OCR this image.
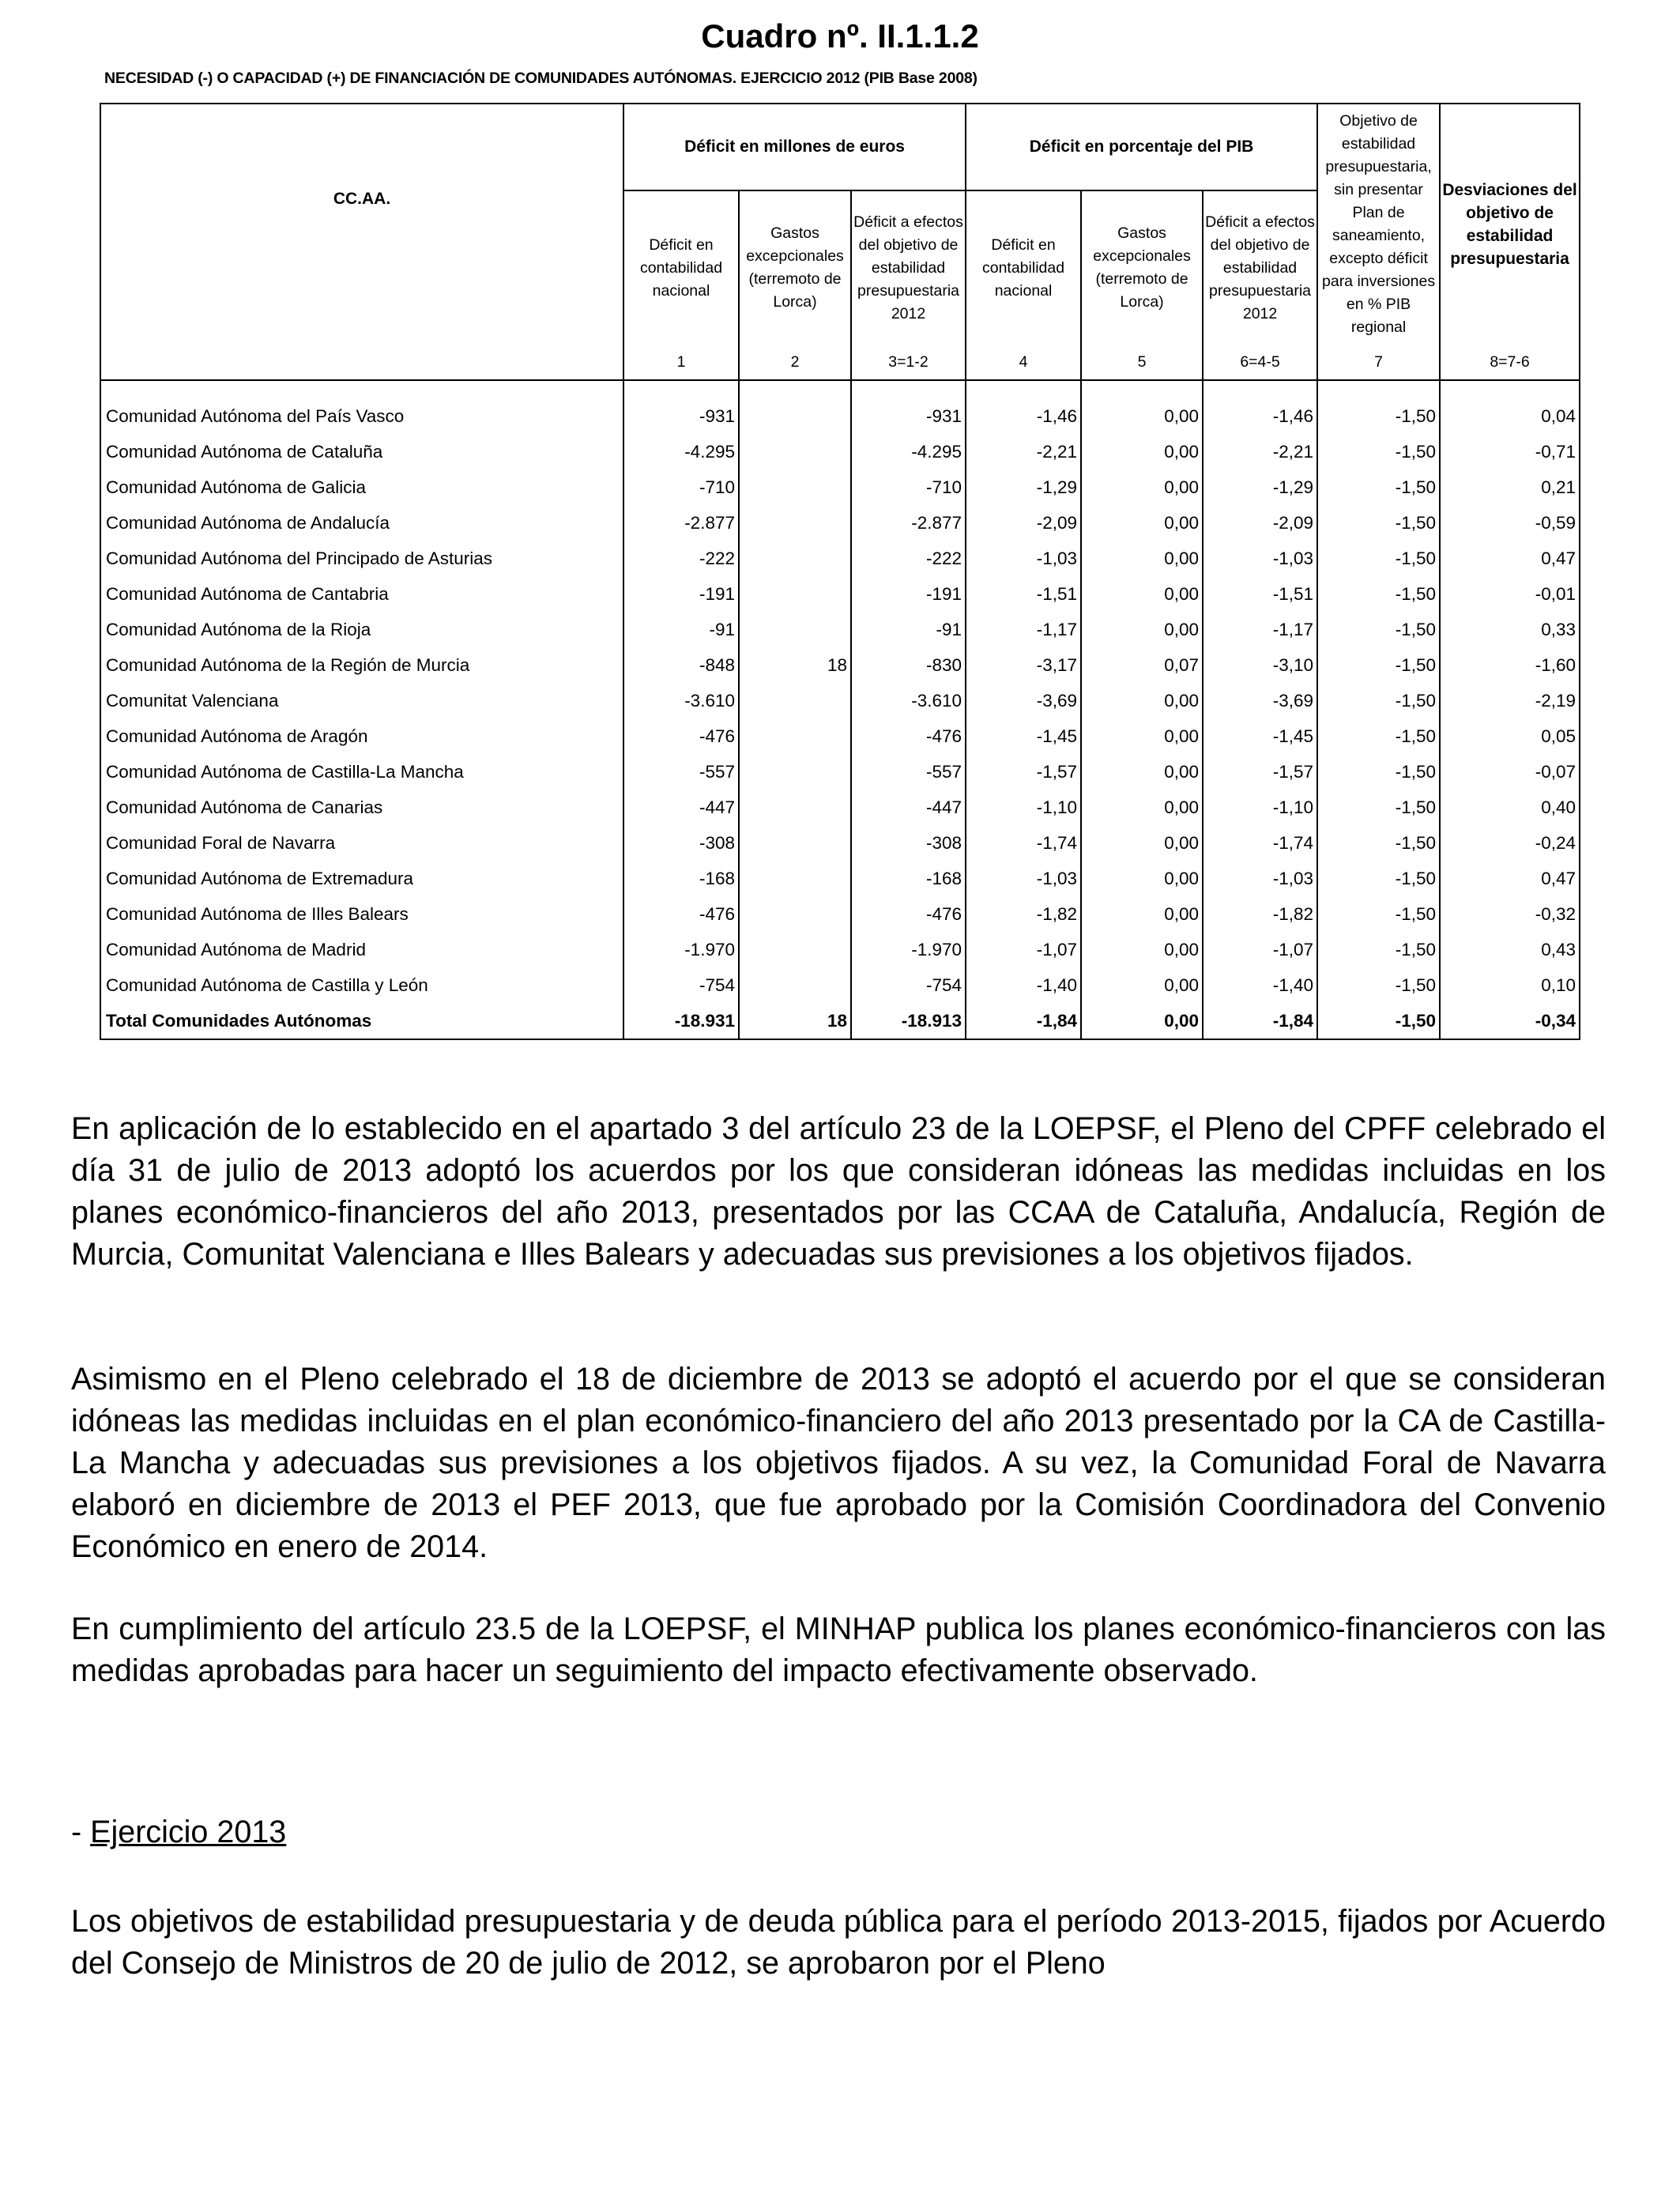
Cuadro nº. II.1.1.2
NECESIDAD (-) O CAPACIDAD (+) DE FINANCIACIÓN DE COMUNIDADES AUTÓNOMAS. EJERCICIO 2012 (PIB Base 2008)
CC.AA.	Déficit en millones de euros			Déficit en porcentaje del PIB			Objetivo de estabilidad presupuestaria, sin presentar Plan de saneamiento, excepto déficit para inversiones en % PIB regional	Desviaciones del objetivo de estabilidad presupuestaria
	Déficit en contabilidad nacional	Gastos excepcionales (terremoto de Lorca)	Déficit a efectos del objetivo de estabilidad presupuestaria 2012	Déficit en contabilidad nacional	Gastos excepcionales (terremoto de Lorca)	Déficit a efectos del objetivo de estabilidad presupuestaria 2012		
	1	2	3=1-2	4	5	6=4-5	7	8=7-6

Comunidad Autónoma del País Vasco	-931		-931	-1,46	0,00	-1,46	-1,50	0,04
Comunidad Autónoma de Cataluña	-4.295		-4.295	-2,21	0,00	-2,21	-1,50	-0,71
Comunidad Autónoma de Galicia	-710		-710	-1,29	0,00	-1,29	-1,50	0,21
Comunidad Autónoma de Andalucía	-2.877		-2.877	-2,09	0,00	-2,09	-1,50	-0,59
Comunidad Autónoma del Principado de Asturias	-222		-222	-1,03	0,00	-1,03	-1,50	0,47
Comunidad Autónoma de Cantabria	-191		-191	-1,51	0,00	-1,51	-1,50	-0,01
Comunidad Autónoma de la Rioja	-91		-91	-1,17	0,00	-1,17	-1,50	0,33
Comunidad Autónoma de la Región de Murcia	-848	18	-830	-3,17	0,07	-3,10	-1,50	-1,60
Comunitat Valenciana	-3.610		-3.610	-3,69	0,00	-3,69	-1,50	-2,19
Comunidad Autónoma de Aragón	-476		-476	-1,45	0,00	-1,45	-1,50	0,05
Comunidad Autónoma de Castilla-La Mancha	-557		-557	-1,57	0,00	-1,57	-1,50	-0,07
Comunidad Autónoma de Canarias	-447		-447	-1,10	0,00	-1,10	-1,50	0,40
Comunidad Foral de Navarra	-308		-308	-1,74	0,00	-1,74	-1,50	-0,24
Comunidad Autónoma de Extremadura	-168		-168	-1,03	0,00	-1,03	-1,50	0,47
Comunidad Autónoma de Illes Balears	-476		-476	-1,82	0,00	-1,82	-1,50	-0,32
Comunidad Autónoma de Madrid	-1.970		-1.970	-1,07	0,00	-1,07	-1,50	0,43
Comunidad Autónoma de Castilla y León	-754		-754	-1,40	0,00	-1,40	-1,50	0,10
Total Comunidades Autónomas	-18.931	18	-18.913	-1,84	0,00	-1,84	-1,50	-0,34
En aplicación de lo establecido en el apartado 3 del artículo 23 de la LOEPSF, el Pleno del CPFF celebrado el día 31 de julio de 2013 adoptó los acuerdos por los que consideran idóneas las medidas incluidas en los planes económico-financieros del año 2013, presentados por las CCAA de Cataluña, Andalucía, Región de Murcia, Comunitat Valenciana e Illes Balears y adecuadas sus previsiones a los objetivos fijados.
Asimismo en el Pleno celebrado el 18 de diciembre de 2013 se adoptó el acuerdo por el que se consideran idóneas las medidas incluidas en el plan económico-financiero del año 2013 presentado por la CA de Castilla-La Mancha y adecuadas sus previsiones a los objetivos fijados. A su vez, la Comunidad Foral de Navarra elaboró en diciembre de 2013 el PEF 2013, que fue aprobado por la Comisión Coordinadora del Convenio Económico en enero de 2014.
En cumplimiento del artículo 23.5 de la LOEPSF, el MINHAP publica los planes económico-financieros con las medidas aprobadas para hacer un seguimiento del impacto efectivamente observado.
- Ejercicio 2013
Los objetivos de estabilidad presupuestaria y de deuda pública para el período 2013-2015, fijados por Acuerdo del Consejo de Ministros de 20 de julio de 2012, se aprobaron por el Pleno
